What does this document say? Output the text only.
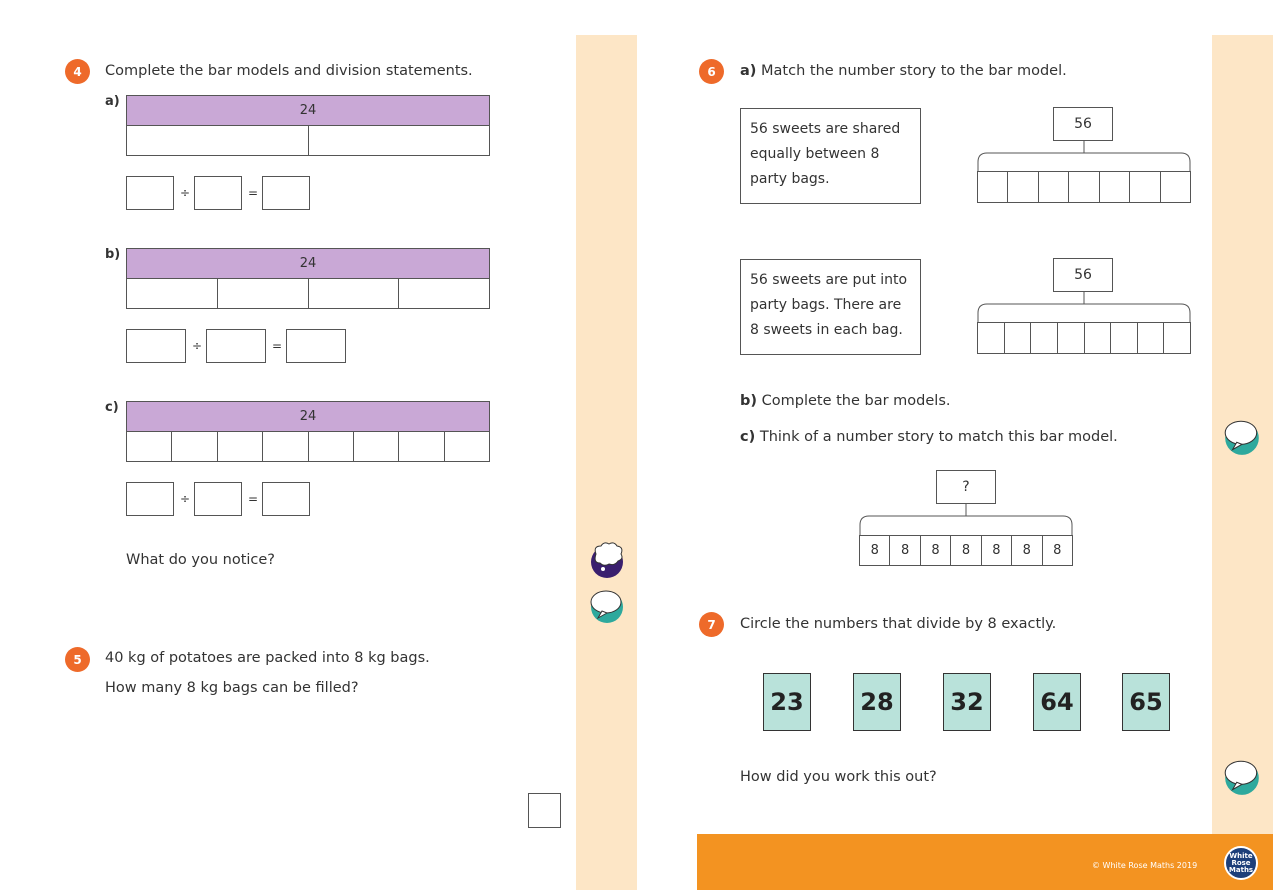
4	Complete the bar models and division statements.
a)
24
÷	=
b)
24
÷	=
c)
24
÷	=
What do you notice?
5	40 kg of potatoes are packed into 8 kg bags.
How many 8 kg bags can be filled?
6	a) Match the number story to the bar model.
56 sweets are shared
equally between 8
party bags.
56 sweets are put into
party bags. There are
8 sweets in each bag.
56
56
b) Complete the bar models.
c) Think of a number story to match this bar model.
?
8	8	8	8	8	8	8
7	Circle the numbers that divide by 8 exactly.
23	28	32	64	65
How did you work this out?
© White Rose Maths 2019
White
Rose
Maths
